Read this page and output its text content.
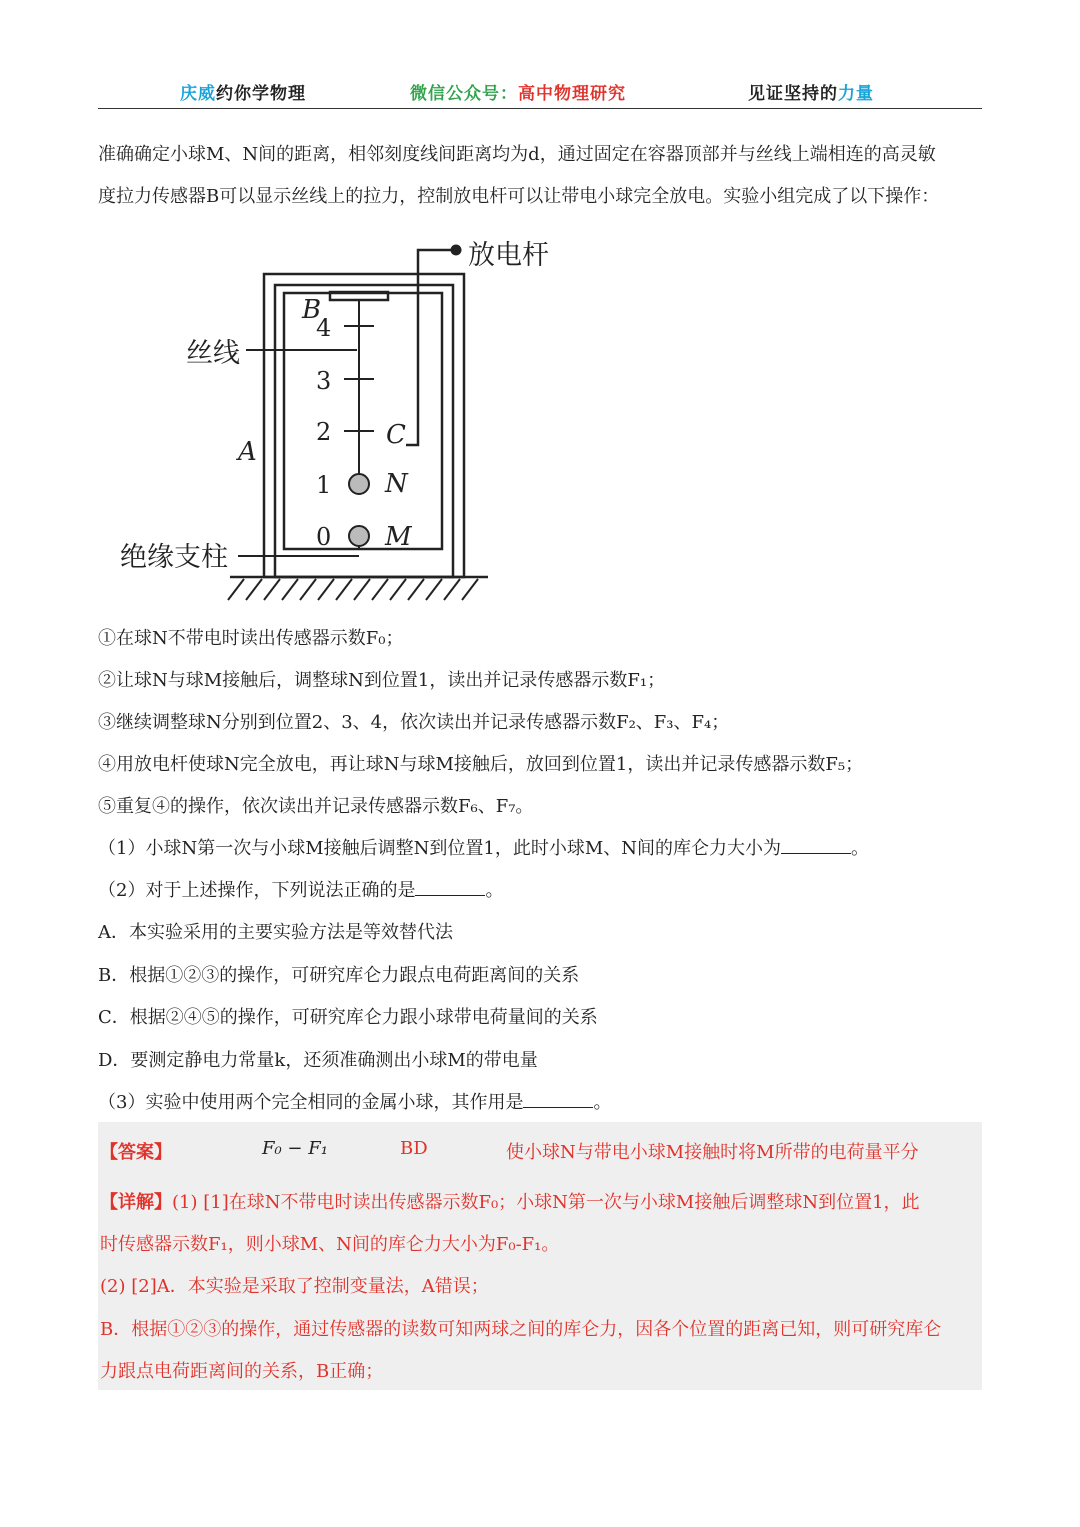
庆威约你学物理	微信公众号：高中物理研究	见证坚持的力量
准确确定小球M、N间的距离，相邻刻度线间距离均为d，通过固定在容器顶部并与丝线上端相连的高灵敏
度拉力传感器B可以显示丝线上的拉力，控制放电杆可以让带电小球完全放电。实验小组完成了以下操作：
放电杆
丝线
绝缘支柱
A
B
C
N
M
4
3
2
1
0
①在球N不带电时读出传感器示数F₀；
②让球N与球M接触后，调整球N到位置1，读出并记录传感器示数F₁；
③继续调整球N分别到位置2、3、4，依次读出并记录传感器示数F₂、F₃、F₄；
④用放电杆使球N完全放电，再让球N与球M接触后，放回到位置1，读出并记录传感器示数F₅；
⑤重复④的操作，依次读出并记录传感器示数F₆、F₇。
（1）小球N第一次与小球M接触后调整N到位置1，此时小球M、N间的库仑力大小为	。
（2）对于上述操作，下列说法正确的是	。
A．本实验采用的主要实验方法是等效替代法
B．根据①②③的操作，可研究库仑力跟点电荷距离间的关系
C．根据②④⑤的操作，可研究库仑力跟小球带电荷量间的关系
D．要测定静电力常量k，还须准确测出小球M的带电量
（3）实验中使用两个完全相同的金属小球，其作用是	。
【答案】	F₀ − F₁	BD	使小球N与带电小球M接触时将M所带的电荷量平分
【详解】(1) [1]在球N不带电时读出传感器示数F₀；小球N第一次与小球M接触后调整球N到位置1，此
时传感器示数F₁，则小球M、N间的库仑力大小为F₀-F₁。
(2) [2]A．本实验是采取了控制变量法，A错误；
B．根据①②③的操作，通过传感器的读数可知两球之间的库仑力，因各个位置的距离已知，则可研究库仑
力跟点电荷距离间的关系，B正确；
